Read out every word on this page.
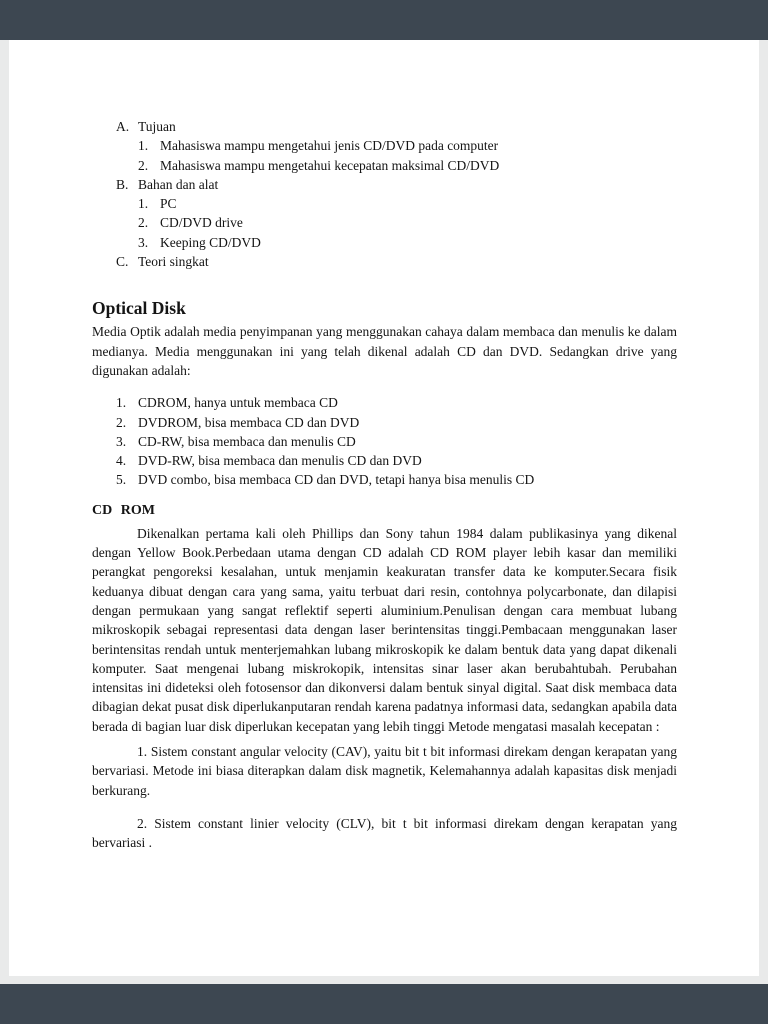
A. Tujuan
1. Mahasiswa mampu mengetahui jenis CD/DVD pada computer
2. Mahasiswa mampu mengetahui kecepatan maksimal CD/DVD
B. Bahan dan alat
1. PC
2. CD/DVD drive
3. Keeping CD/DVD
C. Teori singkat
Optical Disk

Media Optik adalah media penyimpanan yang menggunakan cahaya dalam membaca dan menulis ke dalam medianya. Media menggunakan ini yang telah dikenal adalah CD dan DVD. Sedangkan drive yang digunakan adalah:

1. CDROM, hanya untuk membaca CD
2. DVDROM, bisa membaca CD dan DVD
3. CD-RW, bisa membaca dan menulis CD
4. DVD-RW, bisa membaca dan menulis CD dan DVD
5. DVD combo, bisa membaca CD dan DVD, tetapi hanya bisa menulis CD
CD ROM

Dikenalkan pertama kali oleh Phillips dan Sony tahun 1984 dalam publikasinya yang dikenal dengan Yellow Book.Perbedaan utama dengan CD adalah CD ROM player lebih kasar dan memiliki perangkat pengoreksi kesalahan, untuk menjamin keakuratan transfer data ke komputer.Secara fisik keduanya dibuat dengan cara yang sama, yaitu terbuat dari resin, contohnya polycarbonate, dan dilapisi dengan permukaan yang sangat reflektif seperti aluminium.Penulisan dengan cara membuat lubang mikroskopik sebagai representasi data dengan laser berintensitas tinggi.Pembacaan menggunakan laser berintensitas rendah untuk menterjemahkan lubang mikroskopik ke dalam bentuk data yang dapat dikenali komputer. Saat mengenai lubang miskrokopik, intensitas sinar laser akan berubahtubah. Perubahan intensitas ini dideteksi oleh fotosensor dan dikonversi dalam bentuk sinyal digital. Saat disk membaca data dibagian dekat pusat disk diperlukanputaran rendah karena padatnya informasi data, sedangkan apabila data berada di bagian luar disk diperlukan kecepatan yang lebih tinggi Metode mengatasi masalah kecepatan :

1. Sistem constant angular velocity (CAV), yaitu bit t bit informasi direkam dengan kerapatan yang bervariasi. Metode ini biasa diterapkan dalam disk magnetik, Kelemahannya adalah kapasitas disk menjadi berkurang.

2. Sistem constant linier velocity (CLV), bit t bit informasi direkam dengan kerapatan yang bervariasi .
